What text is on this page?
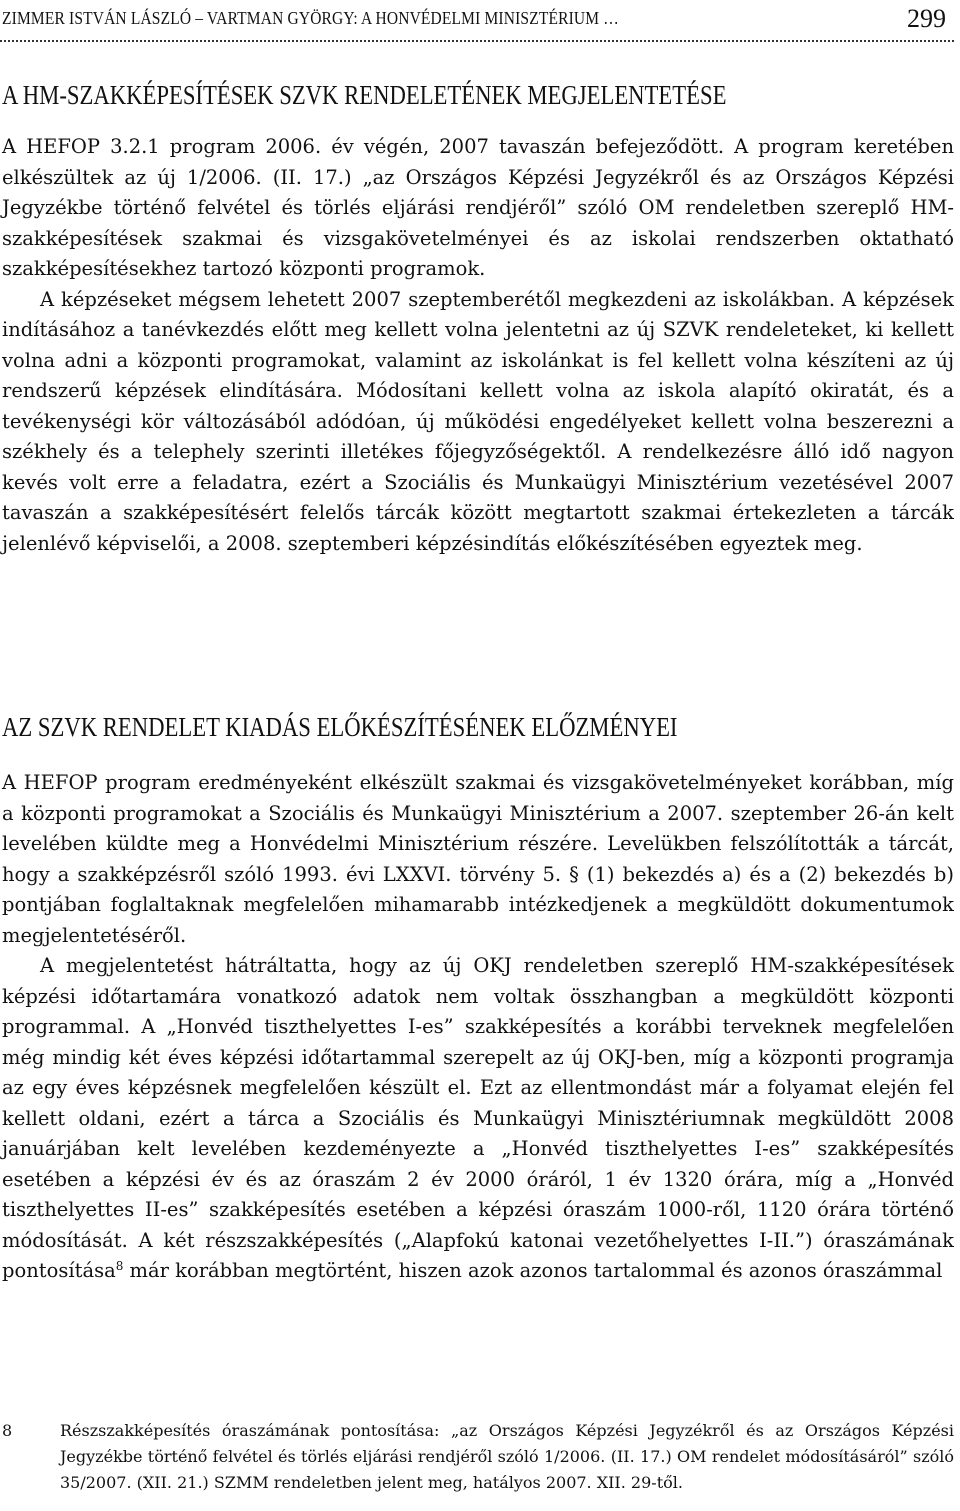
ZIMMER ISTVÁN LÁSZLÓ – VARTMAN GYÖRGY: A HONVÉDELMI MINISZTÉRIUM …	299
A HM-SZAKKÉPESÍTÉSEK SZVK RENDELETÉNEK MEGJELENTETÉSE

A HEFOP 3.2.1 program 2006. év végén, 2007 tavaszán befejeződött. A program keretében elkészültek az új 1/2006. (II. 17.) „az Országos Képzési Jegyzékről és az Országos Képzési Jegyzékbe történő felvétel és törlés eljárási rendjéről” szóló OM rendeletben szereplő HM-szakképesítések szakmai és vizsgakövetelményei és az iskolai rendszerben oktatható szakképesítésekhez tartozó központi programok.

A képzéseket mégsem lehetett 2007 szeptemberétől megkezdeni az iskolákban. A képzések indításához a tanévkezdés előtt meg kellett volna jelentetni az új SZVK rendeleteket, ki kellett volna adni a központi programokat, valamint az iskolánkat is fel kellett volna készíteni az új rendszerű képzések elindítására. Módosítani kellett volna az iskola alapító okiratát, és a tevékenységi kör változásából adódóan, új működési engedélyeket kellett volna beszerezni a székhely és a telephely szerinti illetékes főjegyzőségektől. A rendelkezésre álló idő nagyon kevés volt erre a feladatra, ezért a Szociális és Munkaügyi Minisztérium vezetésével 2007 tavaszán a szakképesítésért felelős tárcák között megtartott szakmai értekezleten a tárcák jelenlévő képviselői, a 2008. szeptemberi képzésindítás előkészítésében egyeztek meg.

AZ SZVK RENDELET KIADÁS ELŐKÉSZÍTÉSÉNEK ELŐZMÉNYEI

A HEFOP program eredményeként elkészült szakmai és vizsgakövetelményeket korábban, míg a központi programokat a Szociális és Munkaügyi Minisztérium a 2007. szeptember 26-án kelt levelében küldte meg a Honvédelmi Minisztérium részére. Levelükben felszólították a tárcát, hogy a szakképzésről szóló 1993. évi LXXVI. törvény 5. § (1) bekezdés a) és a (2) bekezdés b) pontjában foglaltaknak megfelelően mihamarabb intézkedjenek a megküldött dokumentumok megjelentetéséről.

A megjelentetést hátráltatta, hogy az új OKJ rendeletben szereplő HM-szakképesítések képzési időtartamára vonatkozó adatok nem voltak összhangban a megküldött központi programmal. A „Honvéd tiszthelyettes I-es” szakképesítés a korábbi terveknek megfelelően még mindig két éves képzési időtartammal szerepelt az új OKJ-ben, míg a központi programja az egy éves képzésnek megfelelően készült el. Ezt az ellentmondást már a folyamat elején fel kellett oldani, ezért a tárca a Szociális és Munkaügyi Minisztériumnak megküldött 2008 januárjában kelt levelében kezdeményezte a „Honvéd tiszthelyettes I-es” szakképesítés esetében a képzési év és az óraszám 2 év 2000 óráról, 1 év 1320 órára, míg a „Honvéd tiszthelyettes II-es” szakképesítés esetében a képzési óraszám 1000-ről, 1120 órára történő módosítását. A két részszakképesítés („Alapfokú katonai vezetőhelyettes I-II.”) óraszámának pontosítása$^8$ már korábban megtörtént, hiszen azok azonos tartalommal és azonos óraszámmal

8	Részszakképesítés óraszámának pontosítása: „az Országos Képzési Jegyzékről és az Országos Képzési Jegyzékbe történő felvétel és törlés eljárási rendjéről szóló 1/2006. (II. 17.) OM rendelet módosításáról” szóló 35/2007. (XII. 21.) SZMM rendeletben jelent meg, hatályos 2007. XII. 29-től.
